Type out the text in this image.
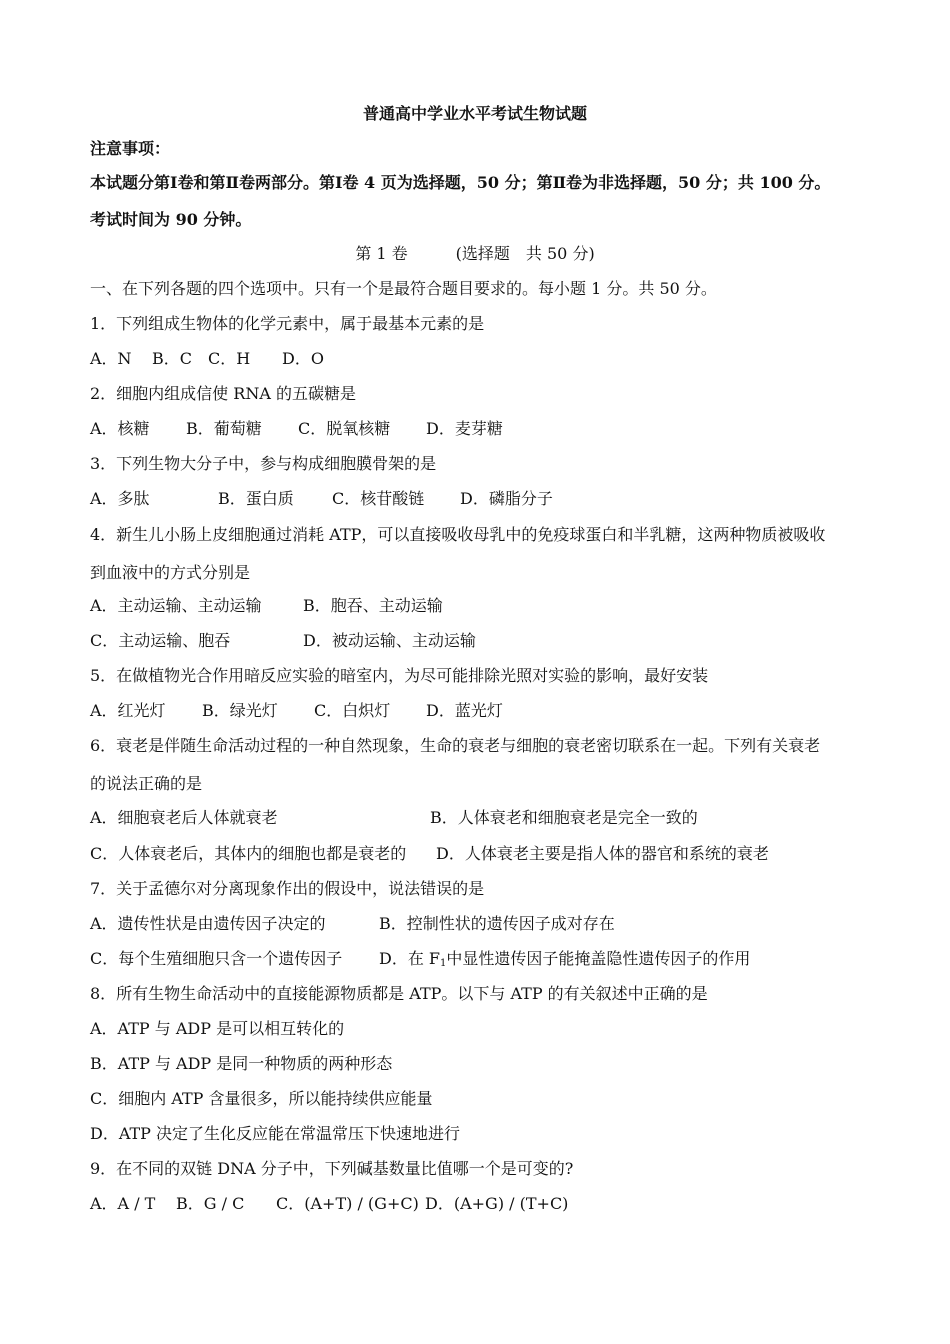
普通高中学业水平考试生物试题
注意事项：
本试题分第Ⅰ卷和第Ⅱ卷两部分。第Ⅰ卷 4 页为选择题，50 分；第Ⅱ卷为非选择题，50 分；共 100 分。
考试时间为 90 分钟。
第 1 卷　　　(选择题　共 50 分)
一、在下列各题的四个选项中。只有一个是最符合题目要求的。每小题 1 分。共 50 分。
1．下列组成生物体的化学元素中，属于最基本元素的是
A．N B．C C．H D．O
2．细胞内组成信使 RNA 的五碳糖是
A．核糖 B．葡萄糖 C．脱氧核糖 D．麦芽糖
3．下列生物大分子中，参与构成细胞膜骨架的是
A．多肽	B．蛋白质 C．核苷酸链 D．磷脂分子
4．新生儿小肠上皮细胞通过消耗 ATP，可以直接吸收母乳中的免疫球蛋白和半乳糖，这两种物质被吸收
到血液中的方式分别是
A．主动运输、主动运输	B．胞吞、主动运输
C．主动运输、胞吞	D．被动运输、主动运输
5．在做植物光合作用暗反应实验的暗室内，为尽可能排除光照对实验的影响，最好安装
A．红光灯 B．绿光灯 C．白炽灯 D．蓝光灯
6．衰老是伴随生命活动过程的一种自然现象，生命的衰老与细胞的衰老密切联系在一起。下列有关衰老
的说法正确的是
A．细胞衰老后人体就衰老	B．人体衰老和细胞衰老是完全一致的
C．人体衰老后，其体内的细胞也都是衰老的 D．人体衰老主要是指人体的器官和系统的衰老
7．关于孟德尔对分离现象作出的假设中，说法错误的是
A．遗传性状是由遗传因子决定的	B．控制性状的遗传因子成对存在
C．每个生殖细胞只含一个遗传因子 D．在 $F_1$中显性遗传因子能掩盖隐性遗传因子的作用
8．所有生物生命活动中的直接能源物质都是 ATP。以下与 ATP 的有关叙述中正确的是
A．ATP 与 ADP 是可以相互转化的
B．ATP 与 ADP 是同一种物质的两种形态
C．细胞内 ATP 含量很多，所以能持续供应能量
D．ATP 决定了生化反应能在常温常压下快速地进行
9．在不同的双链 DNA 分子中，下列碱基数量比值哪一个是可变的?
A．A / T B．G / C C．(A+T) / (G+C) D．(A+G) / (T+C)
